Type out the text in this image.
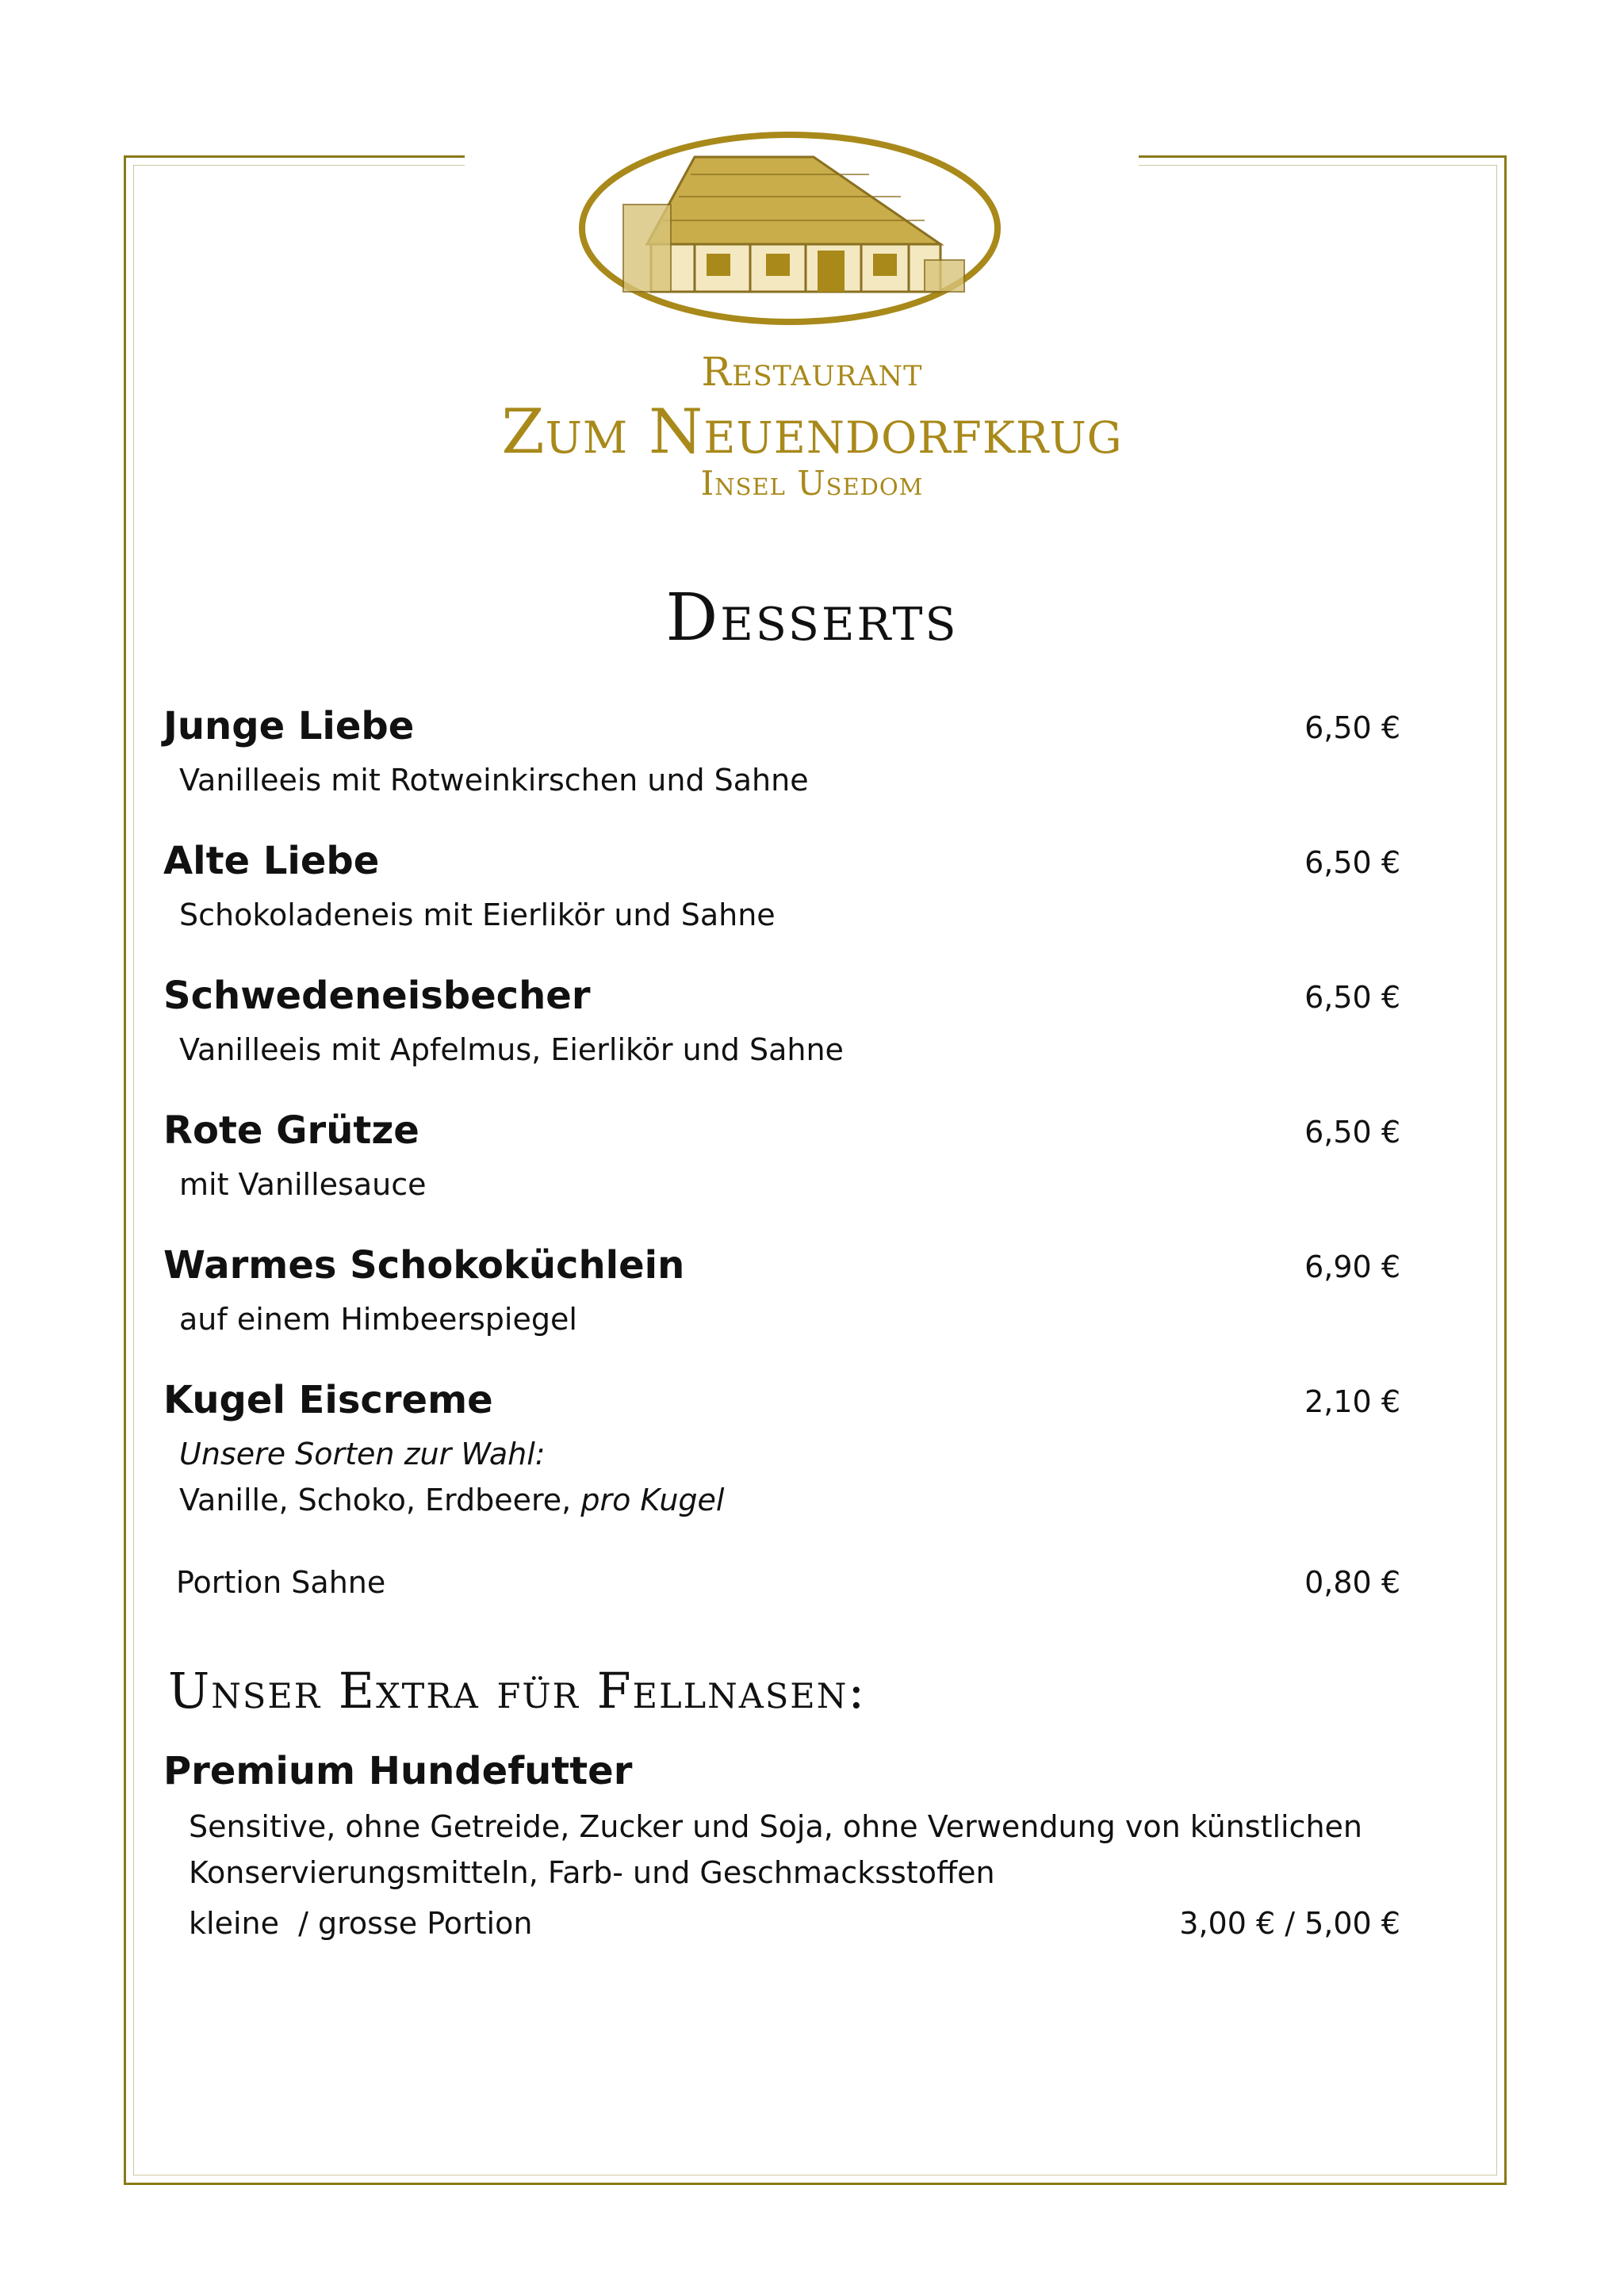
Restaurant
Zum Neuendorfkrug
Insel Usedom
Desserts
Junge Liebe	6,50 €
Vanilleeis mit Rotweinkirschen und Sahne
Alte Liebe	6,50 €
Schokoladeneis mit Eierlikör und Sahne
Schwedeneisbecher	6,50 €
Vanilleeis mit Apfelmus, Eierlikör und Sahne
Rote Grütze	6,50 €
mit Vanillesauce
Warmes Schokoküchlein	6,90 €
auf einem Himbeerspiegel
Kugel Eiscreme	2,10 €
Unsere Sorten zur Wahl:
Vanille, Schoko, Erdbeere, pro Kugel
Portion Sahne	0,80 €
Unser Extra für Fellnasen:
Premium Hundefutter
Sensitive, ohne Getreide, Zucker und Soja, ohne Verwendung von künstlichen
Konservierungsmitteln, Farb- und Geschmacksstoffen
kleine  / grosse Portion	3,00 € / 5,00 €
